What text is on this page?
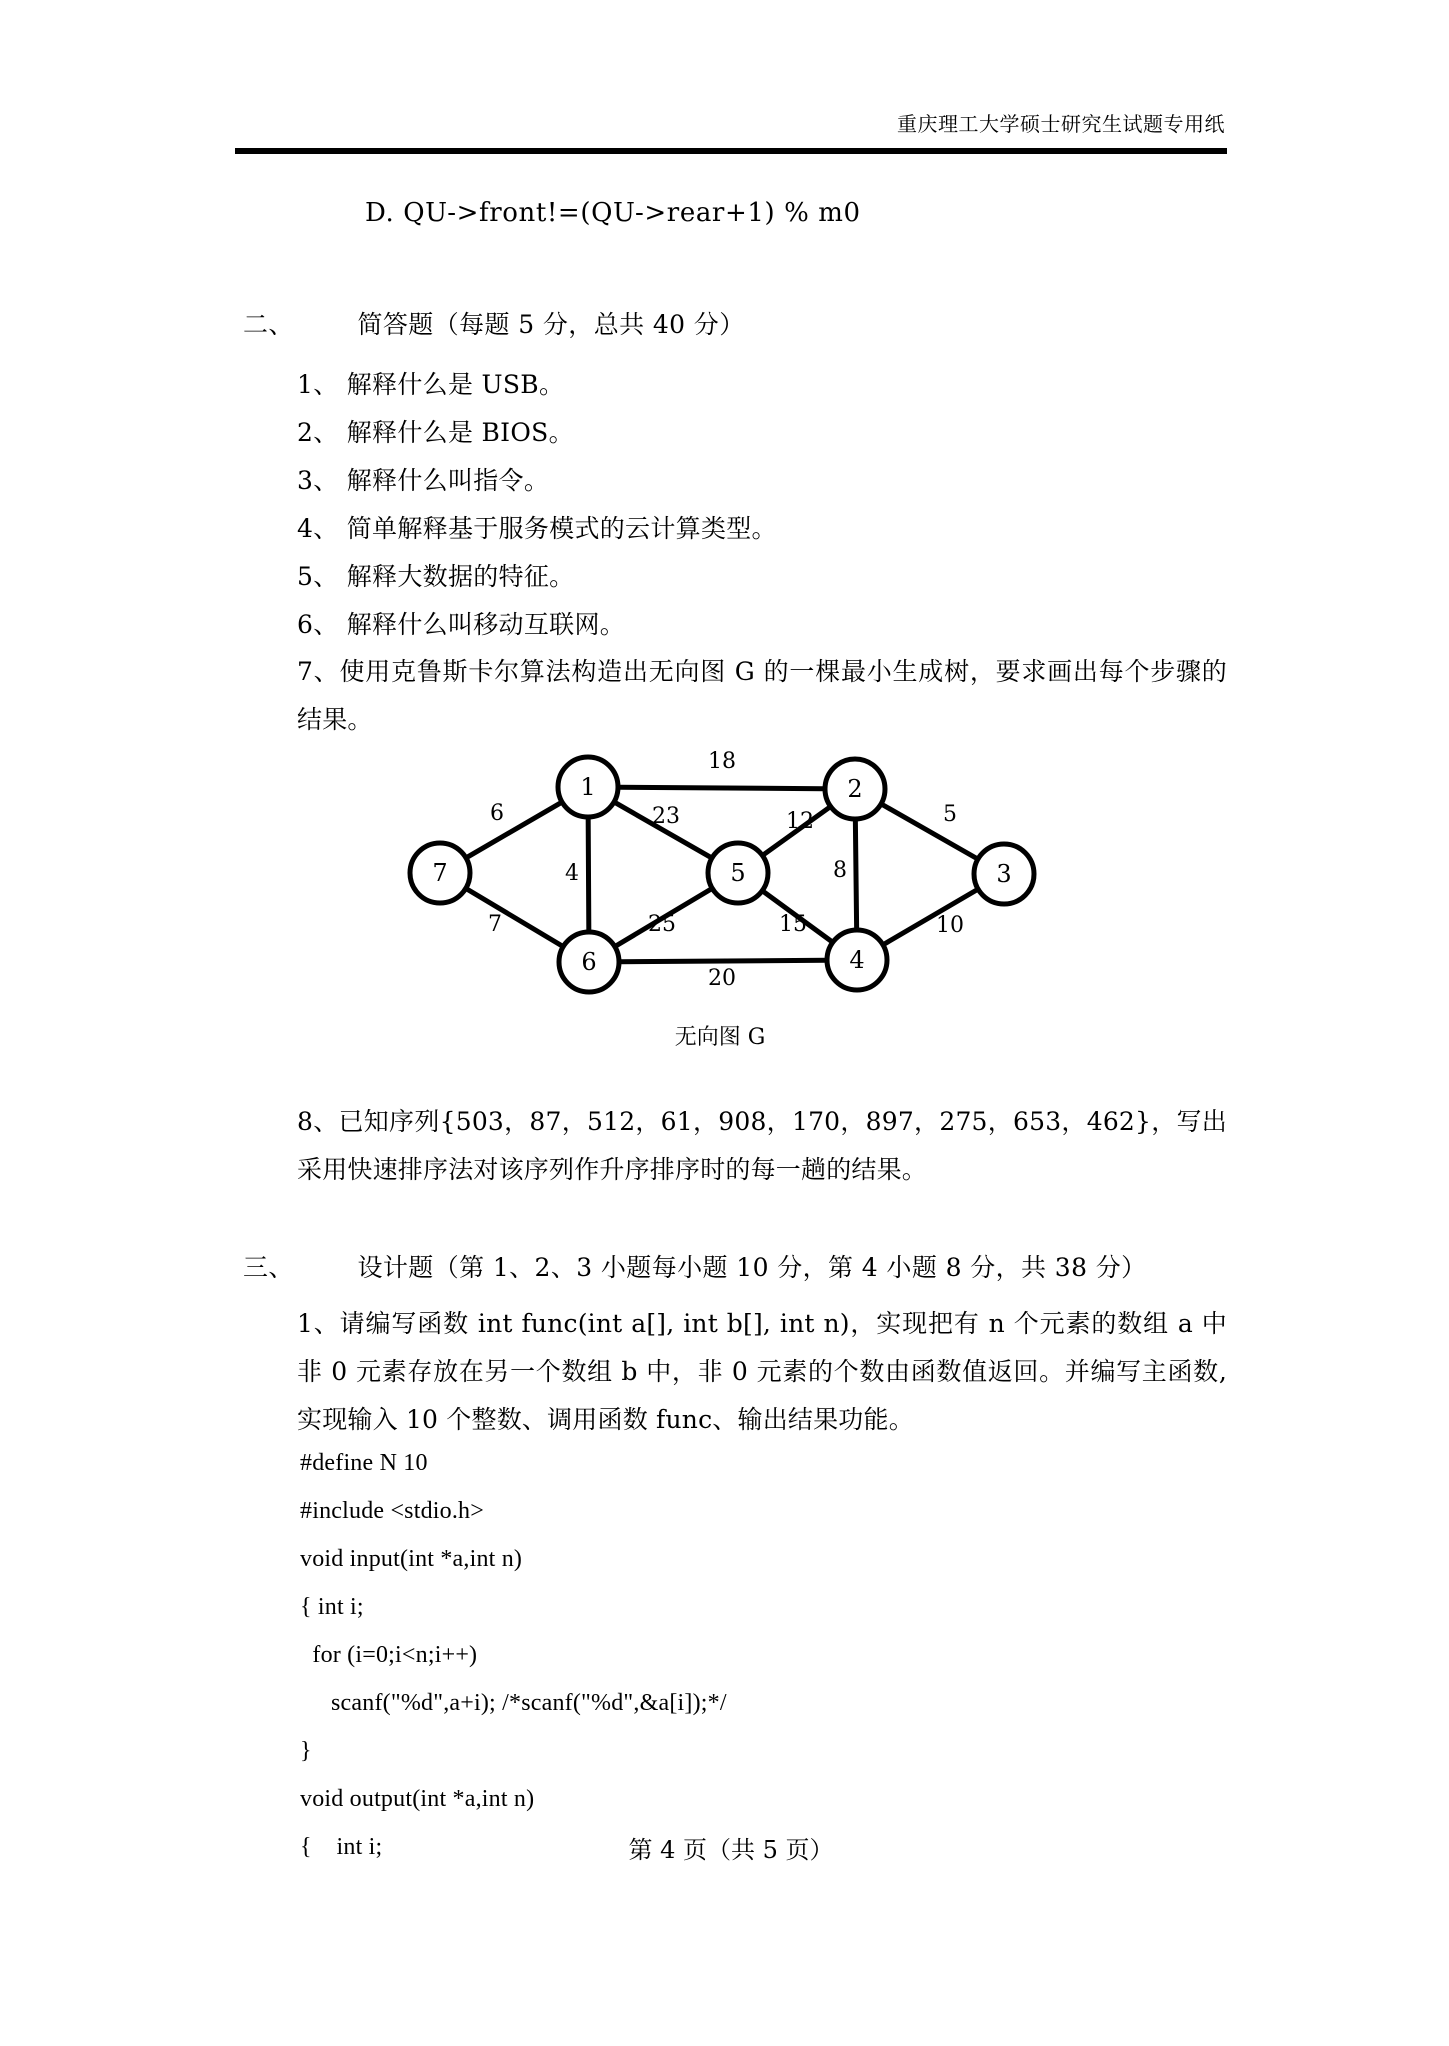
重庆理工大学硕士研究生试题专用纸
D. QU->front!=(QU->rear+1) % m0
二、　　　简答题（每题 5 分，总共 40 分）
1、 解释什么是 USB。
2、 解释什么是 BIOS。
3、 解释什么叫指令。
4、 简单解释基于服务模式的云计算类型。
5、 解释大数据的特征。
6、 解释什么叫移动互联网。
7、使用克鲁斯卡尔算法构造出无向图 G 的一棵最小生成树，要求画出每个步骤的结果。
1	2
3
4
5
6
7
18
6
4
23	12	5
8
7	25	15
20
10
无向图 G
8、已知序列{503，87，512，61，908，170，897，275，653，462}，写出采用快速排序法对该序列作升序排序时的每一趟的结果。
三、　　　设计题（第 1、2、3 小题每小题 10 分，第 4 小题 8 分，共 38 分）
1、请编写函数 int func(int a[], int b[], int n)，实现把有 n 个元素的数组 a 中非 0 元素存放在另一个数组 b 中，非 0 元素的个数由函数值返回。并编写主函数,实现输入 10 个整数、调用函数 func、输出结果功能。
#define N 10
#include <stdio.h>
void input(int *a,int n)
{ int i;
for (i=0;i<n;i++)
scanf("%d",a+i); /*scanf("%d",&a[i]);*/
}
void output(int *a,int n)
{    int i;	第 4 页（共 5 页）
